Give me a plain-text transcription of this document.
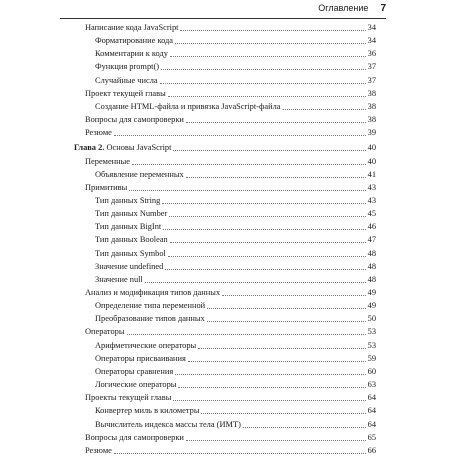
Оглавление 7
Написание кода JavaScript	34
Форматирование кода	34
Комментарии к коду	36
Функция prompt()	37
Случайные числа	37
Проект текущей главы	38
Создание HTML-файла и привязка JavaScript-файла	38
Вопросы для самопроверки	38
Резюме	39
Глава 2. Основы JavaScript	40
Переменные	40
Объявление переменных	41
Примитивы	43
Тип данных String	43
Тип данных Number	45
Тип данных BigInt	46
Тип данных Boolean	47
Тип данных Symbol	48
Значение undefined	48
Значение null	48
Анализ и модификация типов данных	49
Определение типа переменной	49
Преобразование типов данных	50
Операторы	53
Арифметические операторы	53
Операторы присваивания	59
Операторы сравнения	60
Логические операторы	63
Проекты текущей главы	64
Конвертер миль в километры	64
Вычислитель индекса массы тела (ИМТ)	64
Вопросы для самопроверки	65
Резюме	66
